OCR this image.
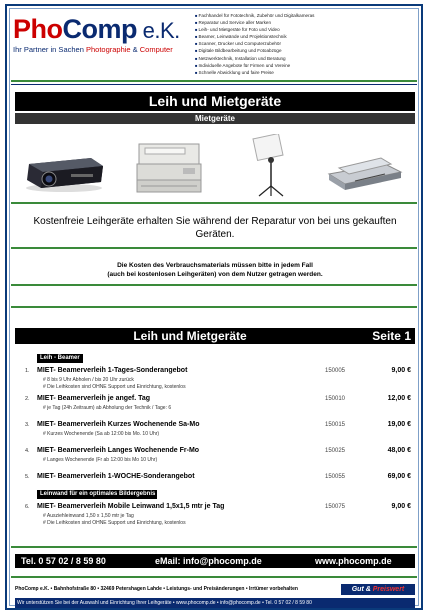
PhoComp e.K.
Ihr Partner in Sachen Photographie & Computer
■ Fachhandel für Fototechnik, Zubehör und Digitalkameras
■ Reparatur und Service aller Marken
■ Leih- und Mietgeräte für Foto und Video
■ Beamer, Leinwände und Projektionstechnik
■ Scanner, Drucker und Computerzubehör
■ Digitale Bildbearbeitung und Fotoabzüge
■ Netzwerktechnik, Installation und Beratung
■ Individuelle Angebote für Firmen und Vereine
■ Schnelle Abwicklung und faire Preise
Leih und Mietgeräte
Mietgeräte
Kostenfreie Leihgeräte erhalten Sie während der Reparatur von bei uns gekauften Geräten.
Die Kosten des Verbrauchsmaterials müssen bitte in jedem Fall
(auch bei kostenlosen Leihgeräten) von dem Nutzer getragen werden.
Leih und Mietgeräte	Seite 1
Leih - Beamer
1. MIET- Beamerverleih 1-Tages-Sonderangebot	150005	9,00 €
# 8 bis 9 Uhr Abholen / bis 20 Uhr zurück
# Die Leihkosten sind OHNE Support und Einrichtung, kostenlos
2. MIET- Beamerverleih je angef. Tag	150010	12,00 €
# je Tag (24h Zeitraum) ab Abholung der Technik / Tage: 6
3. MIET- Beamerverleih Kurzes Wochenende Sa-Mo	150015	19,00 €
# Kurzes Wochenende (Sa ab 12:00 bis Mo. 10 Uhr)
4. MIET- Beamerverleih Langes Wochenende Fr-Mo	150025	48,00 €
# Langes Wochenende (Fr ab 12:00 bis Mo 10 Uhr)
5. MIET- Beamerverleih 1-WOCHE-Sonderangebot	150055	69,00 €
Leinwand für ein optimales Bildergebnis
6. MIET- Beamerverleih Mobile Leinwand 1,5x1,5 mtr je Tag	150075	9,00 €
# Ausziehleinwand 1,50 x 1,50 mtr je Tag
# Die Leihkosten sind OHNE Support und Einrichtung, kostenlos
Tel. 0 57 02 / 8 59 80	eMail: info@phocomp.de	www.phocomp.de
PhoComp e.K. • Bahnhofstraße 80 • 32469 Petershagen Lahde • Leistungs- und Preisänderungen • Irrtümer vorbehalten	Gut & Preiswert
Wir unterstützen Sie bei der Auswahl und Einrichtung Ihrer Leihgeräte • www.phocomp.de • info@phocomp.de • Tel. 0 57 02 / 8 59 80
